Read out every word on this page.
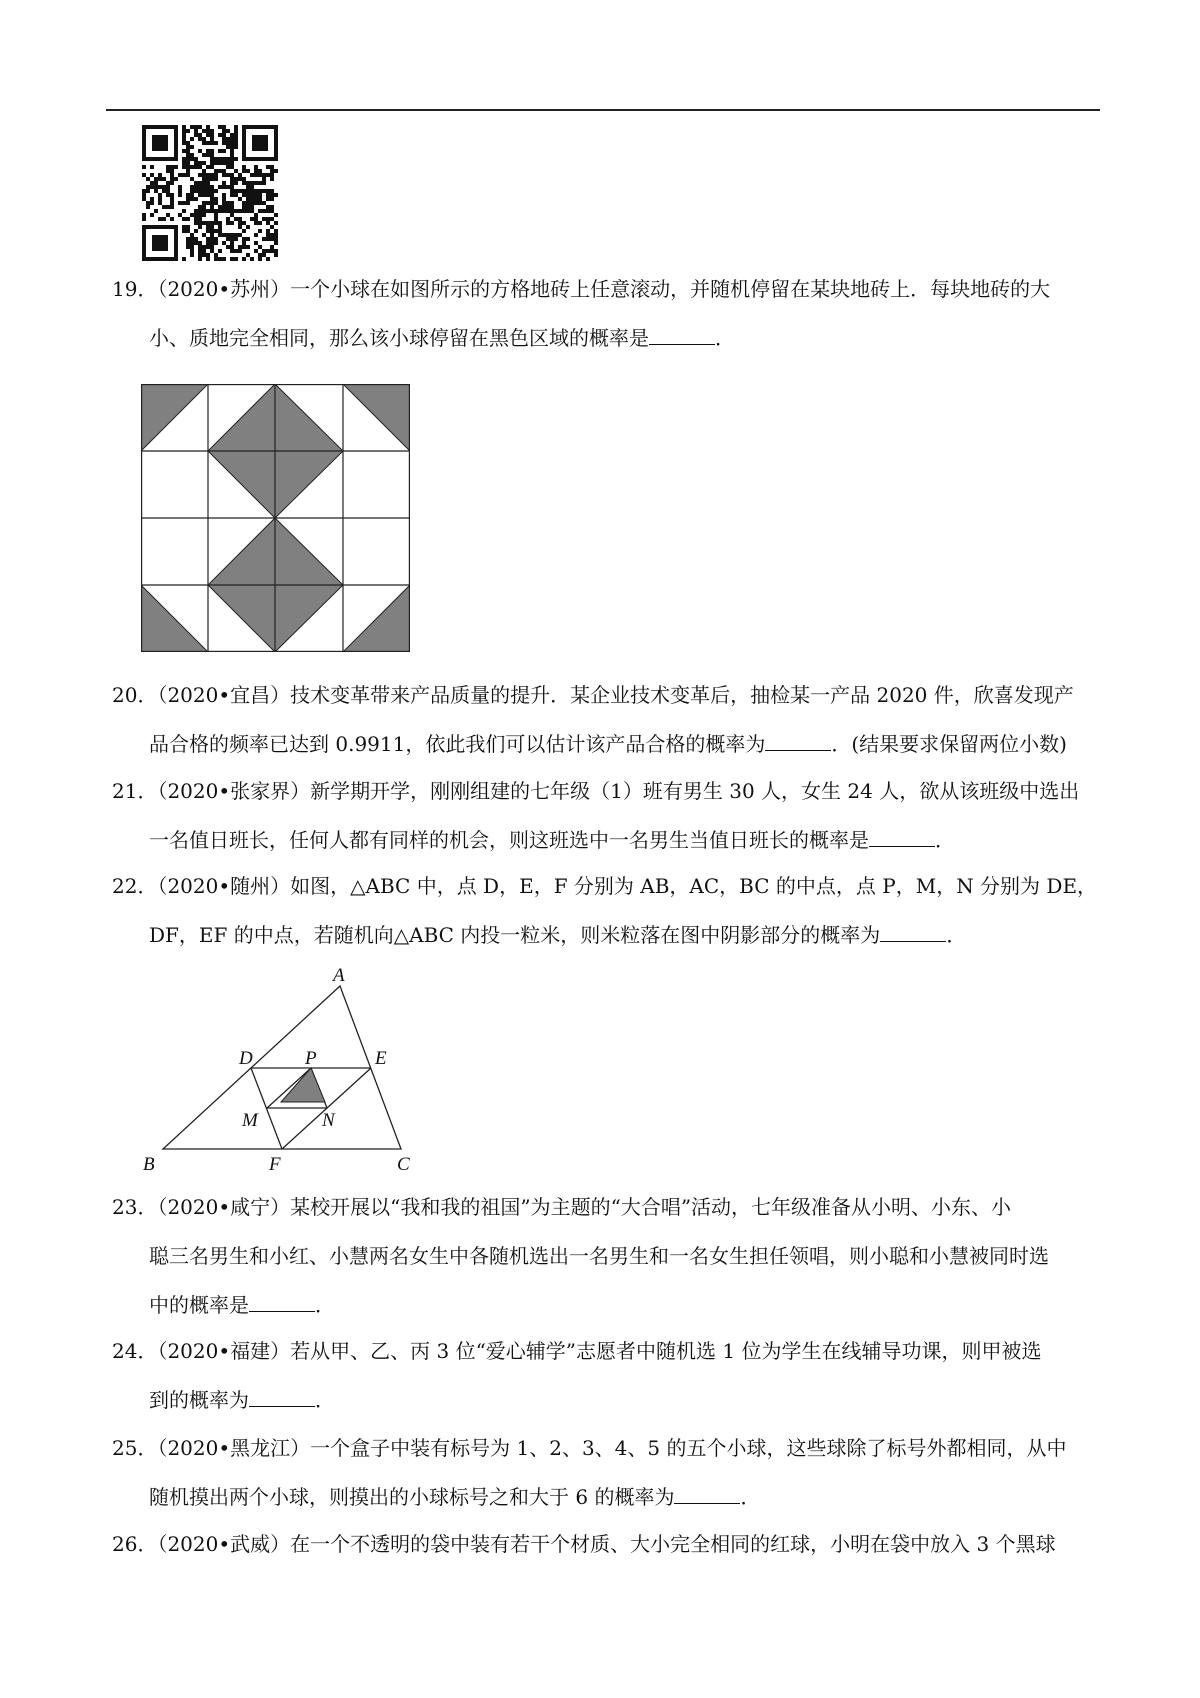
19．（2020•苏州）一个小球在如图所示的方格地砖上任意滚动，并随机停留在某块地砖上．每块地砖的大

小、质地完全相同，那么该小球停留在黑色区域的概率是	．

20．（2020•宜昌）技术变革带来产品质量的提升．某企业技术变革后，抽检某一产品 2020 件，欣喜发现产

品合格的频率已达到 0.9911，依此我们可以估计该产品合格的概率为	．(结果要求保留两位小数)

21．（2020•张家界）新学期开学，刚刚组建的七年级（1）班有男生 30 人，女生 24 人，欲从该班级中选出

一名值日班长，任何人都有同样的机会，则这班选中一名男生当值日班长的概率是	．

22．（2020•随州）如图，△ABC 中，点 D，E，F 分别为 AB，AC，BC 的中点，点 P，M，N 分别为 DE，

DF，EF 的中点，若随机向△ABC 内投一粒米，则米粒落在图中阴影部分的概率为	．

A
B	C
D	E
F
P
M	N

23．（2020•咸宁）某校开展以“我和我的祖国”为主题的“大合唱”活动，七年级准备从小明、小东、小

聪三名男生和小红、小慧两名女生中各随机选出一名男生和一名女生担任领唱，则小聪和小慧被同时选

中的概率是	．

24．（2020•福建）若从甲、乙、丙 3 位“爱心辅学”志愿者中随机选 1 位为学生在线辅导功课，则甲被选

到的概率为	．

25．（2020•黑龙江）一个盒子中装有标号为 1、2、3、4、5 的五个小球，这些球除了标号外都相同，从中

随机摸出两个小球，则摸出的小球标号之和大于 6 的概率为	．

26．（2020•武威）在一个不透明的袋中装有若干个材质、大小完全相同的红球，小明在袋中放入 3 个黑球
